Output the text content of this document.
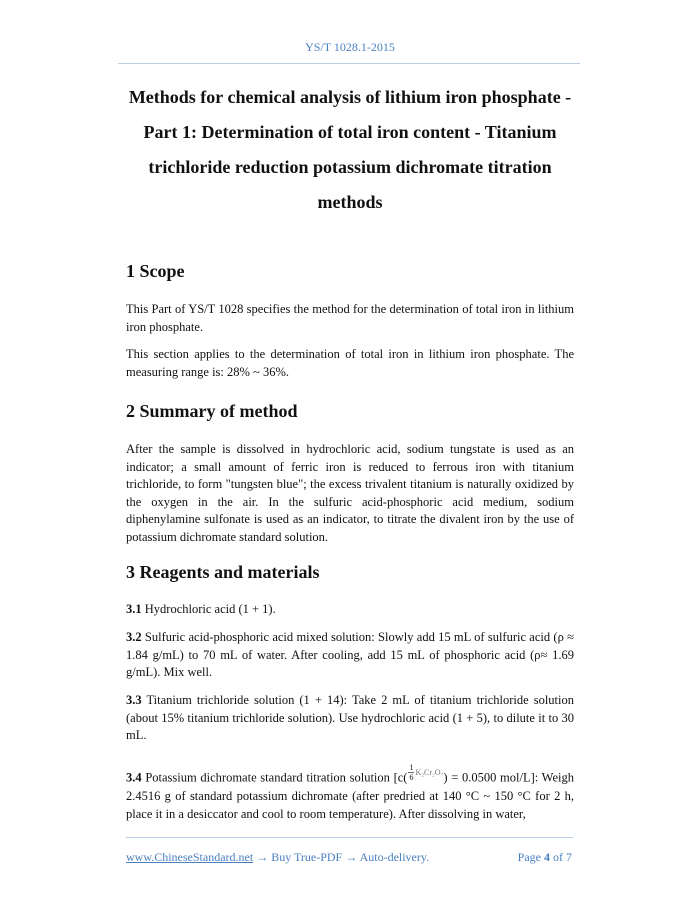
YS/T 1028.1-2015
Methods for chemical analysis of lithium iron phosphate -
Part 1: Determination of total iron content - Titanium
trichloride reduction potassium dichromate titration
methods
1 Scope

This Part of YS/T 1028 specifies the method for the determination of total iron in lithium iron phosphate.

This section applies to the determination of total iron in lithium iron phosphate. The measuring range is: 28% ~ 36%.

2 Summary of method

After the sample is dissolved in hydrochloric acid, sodium tungstate is used as an indicator; a small amount of ferric iron is reduced to ferrous iron with titanium trichloride, to form "tungsten blue"; the excess trivalent titanium is naturally oxidized by the oxygen in the air. In the sulfuric acid-phosphoric acid medium, sodium diphenylamine sulfonate is used as an indicator, to titrate the divalent iron by the use of potassium dichromate standard solution.

3 Reagents and materials

3.1 Hydrochloric acid (1 + 1).

3.2 Sulfuric acid-phosphoric acid mixed solution: Slowly add 15 mL of sulfuric acid (ρ ≈ 1.84 g/mL) to 70 mL of water. After cooling, add 15 mL of phosphoric acid (ρ≈ 1.69 g/mL). Mix well.

3.3 Titanium trichloride solution (1 + 14): Take 2 mL of titanium trichloride solution (about 15% titanium trichloride solution). Use hydrochloric acid (1 + 5), to dilute it to 30 mL.

3.4 Potassium dichromate standard titration solution [$c( \frac{1}{6} ^{K_2Cr_2O_7}) = 0.0500$ mol/L]: Weigh 2.4516 g of standard potassium dichromate (after predried at 140 °C ~ 150 °C for 2 h, place it in a desiccator and cool to room temperature). After dissolving in water,

www.ChineseStandard.net → Buy True-PDF → Auto-delivery.	Page 4 of 7
